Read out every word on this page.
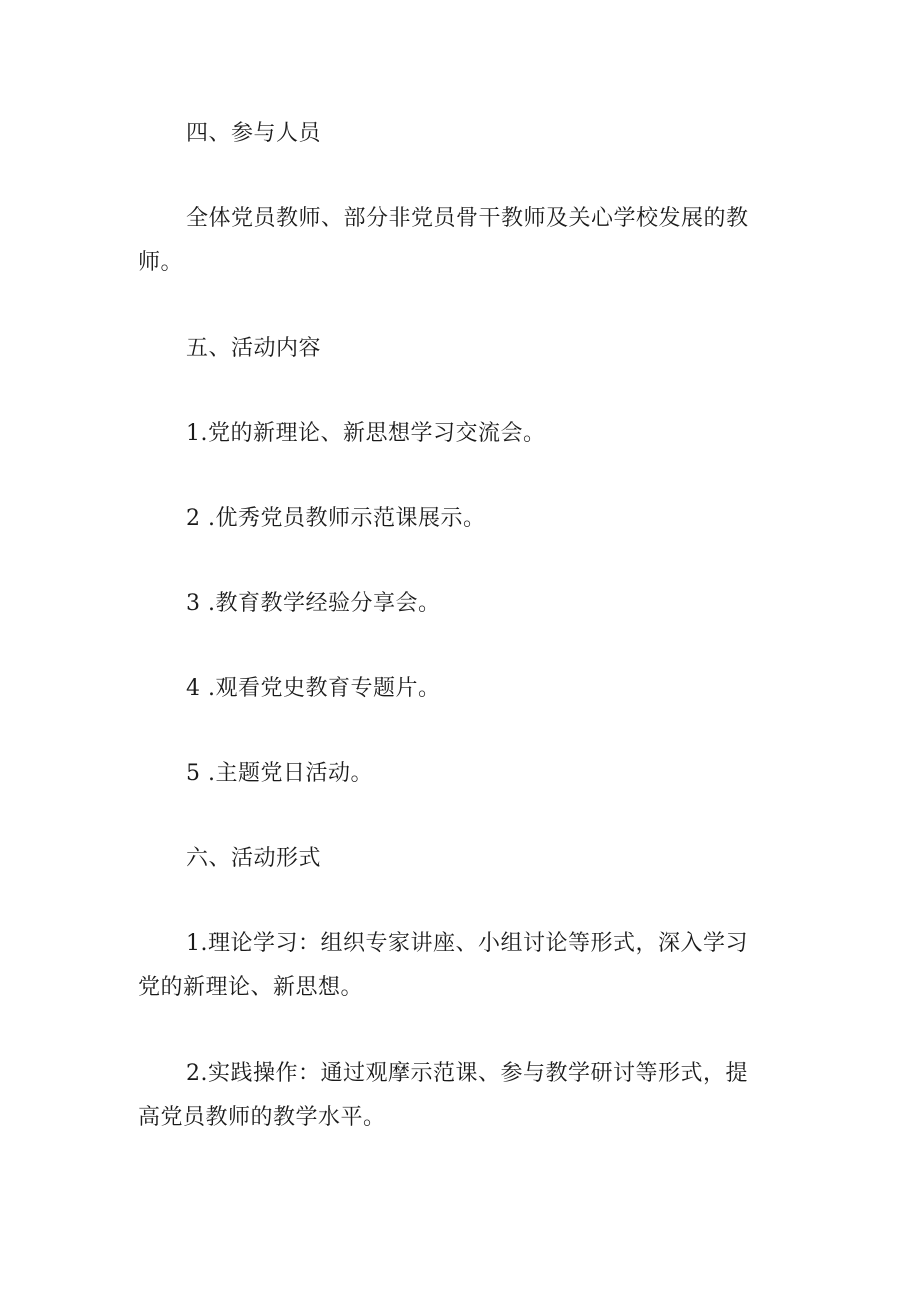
四、参与人员
全体党员教师、部分非党员骨干教师及关心学校发展的教
师。
五、活动内容
1.党的新理论、新思想学习交流会。
2 .优秀党员教师示范课展示。
3 .教育教学经验分享会。
4 .观看党史教育专题片。
5 .主题党日活动。
六、活动形式
1.理论学习：组织专家讲座、小组讨论等形式，深入学习
党的新理论、新思想。
2.实践操作：通过观摩示范课、参与教学研讨等形式，提
高党员教师的教学水平。
